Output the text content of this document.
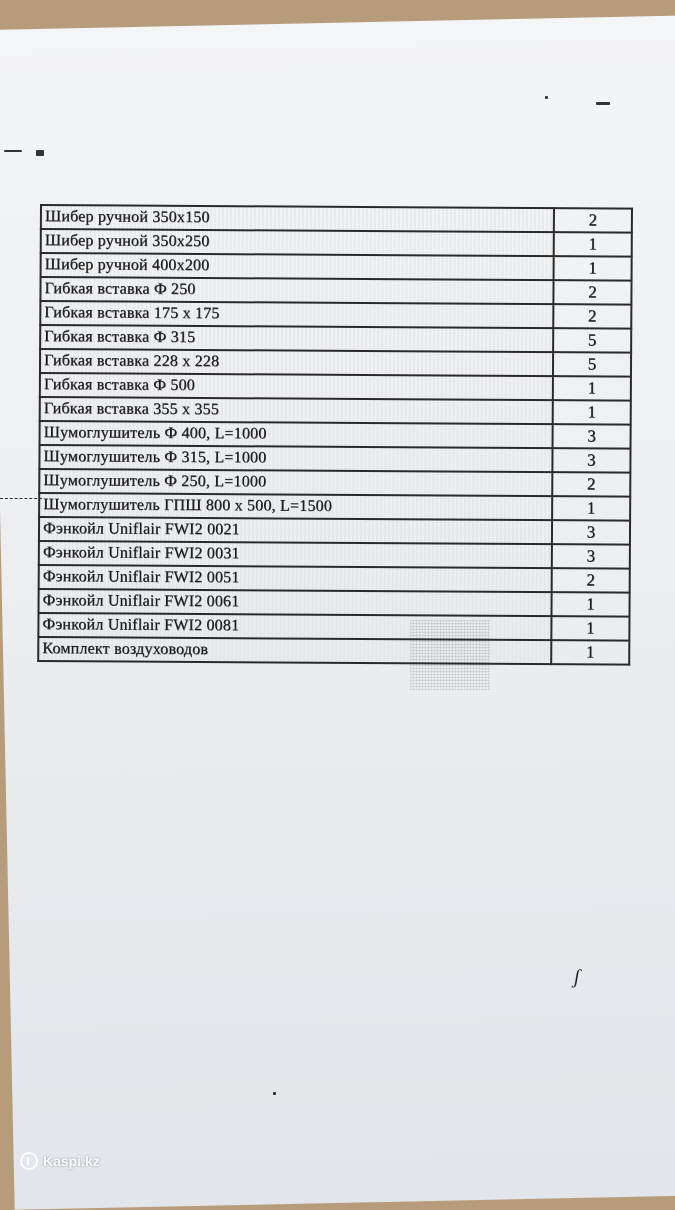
Шибер ручной 350x150	2
Шибер ручной 350x250	1
Шибер ручной 400x200	1
Гибкая вставка Ф 250	2
Гибкая вставка 175 x 175	2
Гибкая вставка Ф 315	5
Гибкая вставка 228 x 228	5
Гибкая вставка Ф 500	1
Гибкая вставка 355 x 355	1
Шумоглушитель Ф 400, L=1000	3
Шумоглушитель Ф 315, L=1000	3
Шумоглушитель Ф 250, L=1000	2
Шумоглушитель ГПШ 800 x 500, L=1500	1
Фэнкойл Uniflair FWI2 0021	3
Фэнкойл Uniflair FWI2 0031	3
Фэнкойл Uniflair FWI2 0051	2
Фэнкойл Uniflair FWI2 0061	1
Фэнкойл Uniflair FWI2 0081	1
Комплект воздуховодов	1
ʃ
Kaspi.kz
